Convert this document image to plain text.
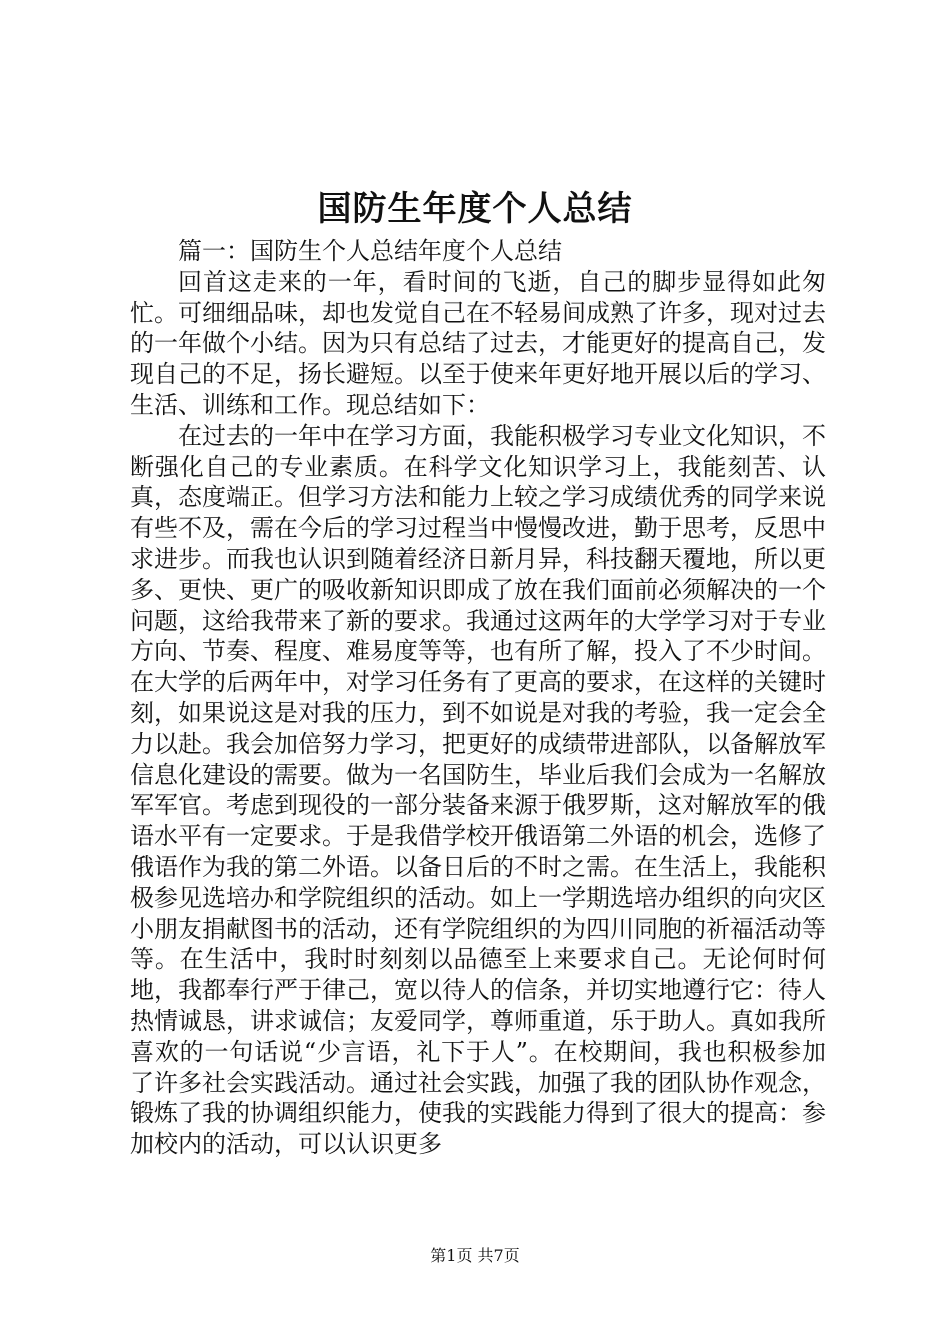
国防生年度个人总结

篇一：国防生个人总结年度个人总结

回首这走来的一年，看时间的飞逝，自己的脚步显得如此匆忙。可细细品味，却也发觉自己在不轻易间成熟了许多，现对过去的一年做个小结。因为只有总结了过去，才能更好的提高自己，发现自己的不足，扬长避短。以至于使来年更好地开展以后的学习、生活、训练和工作。现总结如下：

在过去的一年中在学习方面，我能积极学习专业文化知识，不断强化自己的专业素质。在科学文化知识学习上，我能刻苦、认真，态度端正。但学习方法和能力上较之学习成绩优秀的同学来说有些不及，需在今后的学习过程当中慢慢改进，勤于思考，反思中求进步。而我也认识到随着经济日新月异，科技翻天覆地，所以更多、更快、更广的吸收新知识即成了放在我们面前必须解决的一个问题，这给我带来了新的要求。我通过这两年的大学学习对于专业方向、节奏、程度、难易度等等，也有所了解，投入了不少时间。在大学的后两年中，对学习任务有了更高的要求，在这样的关键时刻，如果说这是对我的压力，到不如说是对我的考验，我一定会全力以赴。我会加倍努力学习，把更好的成绩带进部队，以备解放军信息化建设的需要。做为一名国防生，毕业后我们会成为一名解放军军官。考虑到现役的一部分装备来源于俄罗斯，这对解放军的俄语水平有一定要求。于是我借学校开俄语第二外语的机会，选修了俄语作为我的第二外语。以备日后的不时之需。在生活上，我能积极参见选培办和学院组织的活动。如上一学期选培办组织的向灾区小朋友捐献图书的活动，还有学院组织的为四川同胞的祈福活动等等。在生活中，我时时刻刻以品德至上来要求自己。无论何时何地，我都奉行严于律己，宽以待人的信条，并切实地遵行它：待人热情诚恳，讲求诚信；友爱同学，尊师重道，乐于助人。真如我所喜欢的一句话说“少言语，礼下于人”。在校期间，我也积极参加了许多社会实践活动。通过社会实践，加强了我的团队协作观念，锻炼了我的协调组织能力，使我的实践能力得到了很大的提高：参加校内的活动，可以认识更多

第1页 共7页
